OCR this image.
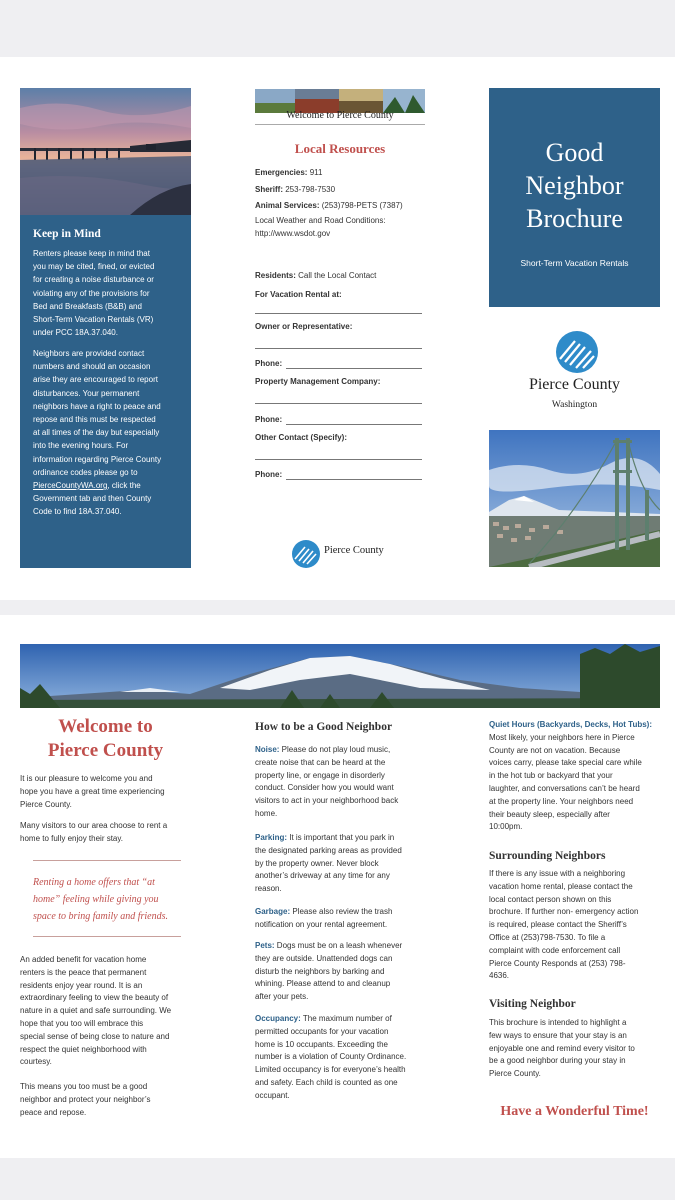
Keep in Mind
Renters please keep in mind that
you may be cited, fined, or evicted
for creating a noise disturbance or
violating any of the provisions for
Bed and Breakfasts (B&B) and
Short-Term Vacation Rentals (VR)
under PCC 18A.37.040.
Neighbors are provided contact
numbers and should an occasion
arise they are encouraged to report
disturbances. Your permanent
neighbors have a right to peace and
repose and this must be respected
at all times of the day but especially
into the evening hours. For
information regarding Pierce County
ordinance codes please go to
PierceCountyWA.org, click the
Government tab and then County
Code to find 18A.37.040.
Welcome to Pierce County
Local Resources
Emergencies: 911
Sheriff: 253-798-7530
Animal Services: (253)798-PETS (7387)
Local Weather and Road Conditions:
http://www.wsdot.gov
Residents: Call the Local Contact
For Vacation Rental at:
Owner or Representative:
Phone:
Property Management Company:
Phone:
Other Contact (Specify):
Phone:
Pierce County
Good
Neighbor
Brochure
Short-Term Vacation Rentals
Pierce County
Washington
Welcome to
Pierce County
It is our pleasure to welcome you and
hope you have a great time experiencing
Pierce County.
Many visitors to our area choose to rent a
home to fully enjoy their stay.
Renting a home offers that “at
home” feeling while giving you
space to bring family and friends.
An added benefit for vacation home
renters is the peace that permanent
residents enjoy year round. It is an
extraordinary feeling to view the beauty of
nature in a quiet and safe surrounding. We
hope that you too will embrace this
special sense of being close to nature and
respect the quiet neighborhood with
courtesy.
This means you too must be a good
neighbor and protect your neighbor’s
peace and repose.
How to be a Good Neighbor
Noise: Please do not play loud music,
create noise that can be heard at the
property line, or engage in disorderly
conduct. Consider how you would want
visitors to act in your neighborhood back
home.
Parking: It is important that you park in
the designated parking areas as provided
by the property owner. Never block
another’s driveway at any time for any
reason.
Garbage: Please also review the trash
notification on your rental agreement.
Pets: Dogs must be on a leash whenever
they are outside. Unattended dogs can
disturb the neighbors by barking and
whining. Please attend to and cleanup
after your pets.
Occupancy: The maximum number of
permitted occupants for your vacation
home is 10 occupants. Exceeding the
number is a violation of County Ordinance.
Limited occupancy is for everyone’s health
and safety. Each child is counted as one
occupant.
Quiet Hours (Backyards, Decks, Hot Tubs):
Most likely, your neighbors here in Pierce
County are not on vacation. Because
voices carry, please take special care while
in the hot tub or backyard that your
laughter, and conversations can’t be heard
at the property line. Your neighbors need
their beauty sleep, especially after
10:00pm.
Surrounding Neighbors
If there is any issue with a neighboring
vacation home rental, please contact the
local contact person shown on this
brochure. If further non- emergency action
is required, please contact the Sheriff’s
Office at (253)798-7530. To file a
complaint with code enforcement call
Pierce County Responds at (253) 798-
4636.
Visiting Neighbor
This brochure is intended to highlight a
few ways to ensure that your stay is an
enjoyable one and remind every visitor to
be a good neighbor during your stay in
Pierce County.
Have a Wonderful Time!
